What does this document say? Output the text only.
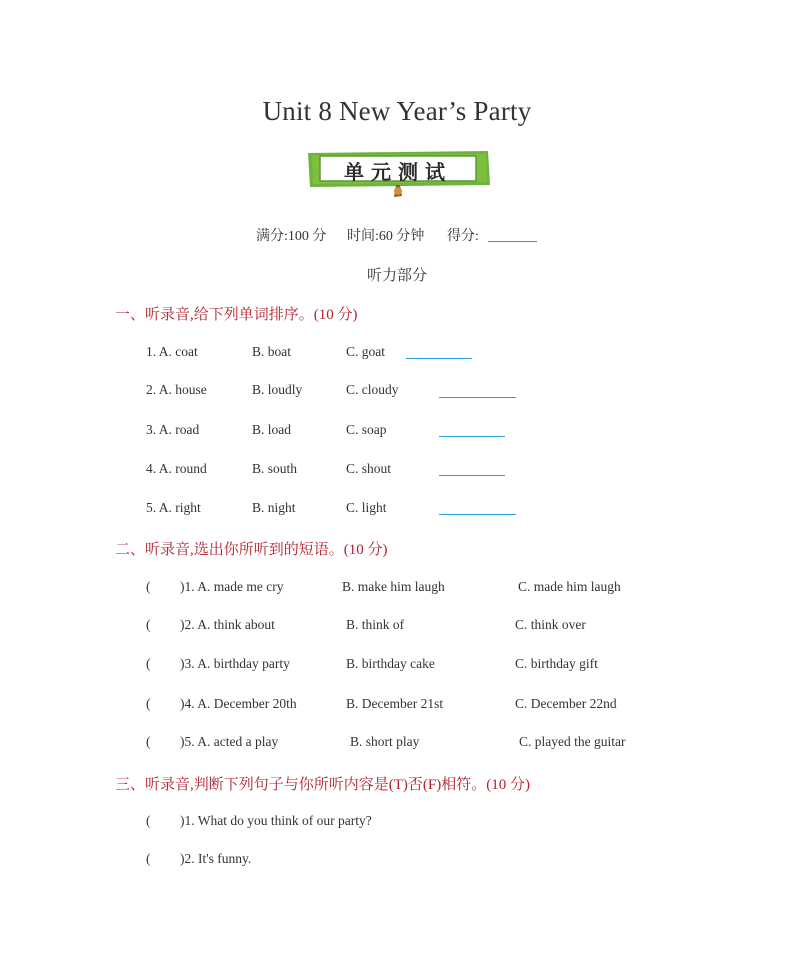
Unit 8 New Year’s Party
单元测试
满分:100 分 时间:60 分钟 得分:
听力部分
一、听录音,给下列单词排序。(10 分)
1. A. coat	B. boat	C. goat
2. A. house	B. loudly	C. cloudy
3. A. road	B. load	C. soap
4. A. round	B. south	C. shout
5. A. right	B. night	C. light
二、听录音,选出你所听到的短语。(10 分)
( )1. A. made me cry	B. make him laugh	C. made him laugh
( )2. A. think about	B. think of	C. think over
( )3. A. birthday party	B. birthday cake	C. birthday gift
( )4. A. December 20th	B. December 21st	C. December 22nd
( )5. A. acted a play	B. short play	C. played the guitar
三、听录音,判断下列句子与你所听内容是(T)否(F)相符。(10 分)
( )1. What do you think of our party?
( )2. It's funny.
